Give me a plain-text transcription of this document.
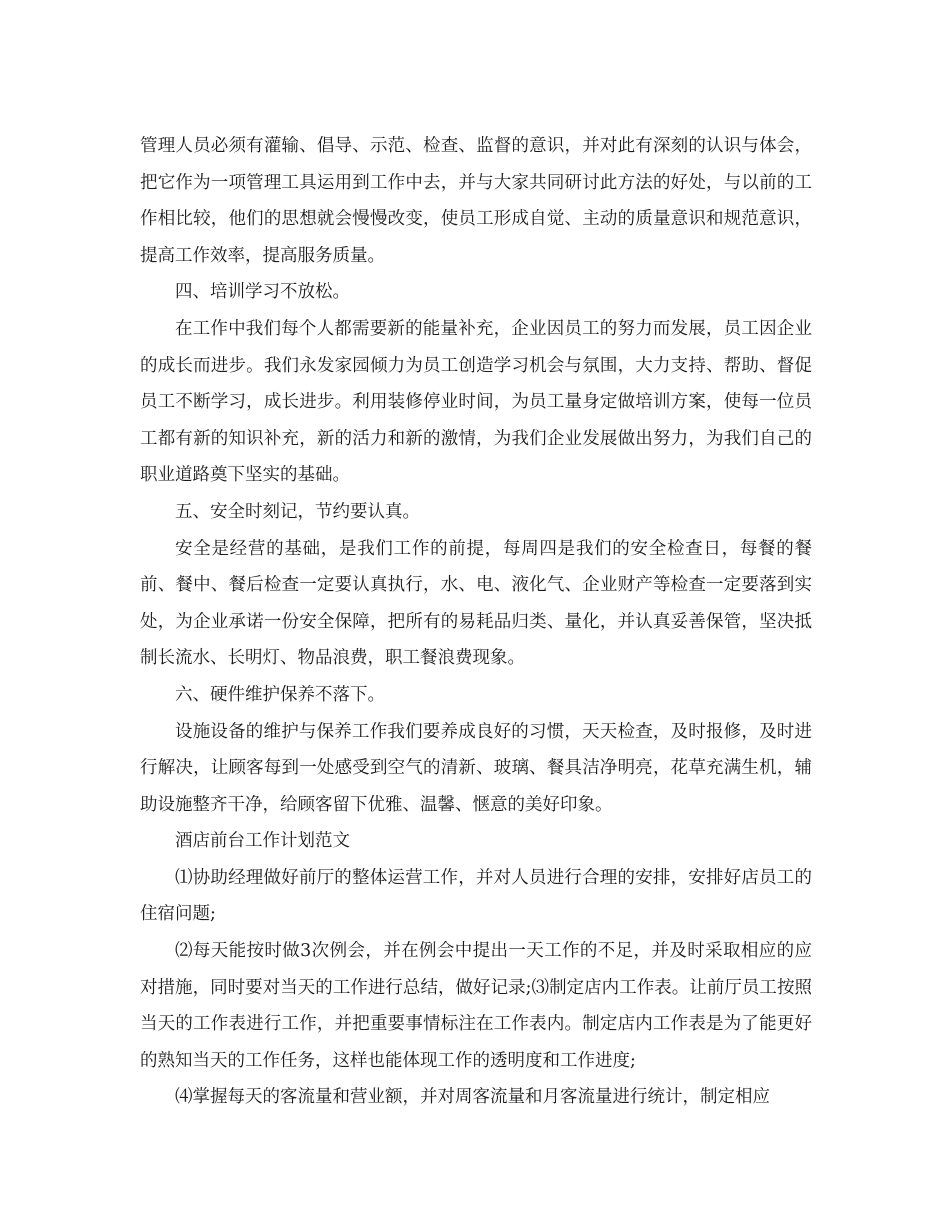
管理人员必须有灌输、倡导、示范、检查、监督的意识，并对此有深刻的认识与体会，把它作为一项管理工具运用到工作中去，并与大家共同研讨此方法的好处，与以前的工作相比较，他们的思想就会慢慢改变，使员工形成自觉、主动的质量意识和规范意识，提高工作效率，提高服务质量。

四、培训学习不放松。

在工作中我们每个人都需要新的能量补充，企业因员工的努力而发展，员工因企业的成长而进步。我们永发家园倾力为员工创造学习机会与氛围，大力支持、帮助、督促员工不断学习，成长进步。利用装修停业时间，为员工量身定做培训方案，使每一位员工都有新的知识补充，新的活力和新的激情，为我们企业发展做出努力，为我们自己的职业道路奠下坚实的基础。

五、安全时刻记，节约要认真。

安全是经营的基础，是我们工作的前提，每周四是我们的安全检查日，每餐的餐前、餐中、餐后检查一定要认真执行，水、电、液化气、企业财产等检查一定要落到实处，为企业承诺一份安全保障，把所有的易耗品归类、量化，并认真妥善保管，坚决抵制长流水、长明灯、物品浪费，职工餐浪费现象。

六、硬件维护保养不落下。

设施设备的维护与保养工作我们要养成良好的习惯，天天检查，及时报修，及时进行解决，让顾客每到一处感受到空气的清新、玻璃、餐具洁净明亮，花草充满生机，辅助设施整齐干净，给顾客留下优雅、温馨、惬意的美好印象。

酒店前台工作计划范文

⑴协助经理做好前厅的整体运营工作，并对人员进行合理的安排，安排好店员工的住宿问题;

⑵每天能按时做3次例会，并在例会中提出一天工作的不足，并及时采取相应的应对措施，同时要对当天的工作进行总结，做好记录;⑶制定店内工作表。让前厅员工按照当天的工作表进行工作，并把重要事情标注在工作表内。制定店内工作表是为了能更好的熟知当天的工作任务，这样也能体现工作的透明度和工作进度;

⑷掌握每天的客流量和营业额，并对周客流量和月客流量进行统计，制定相应
